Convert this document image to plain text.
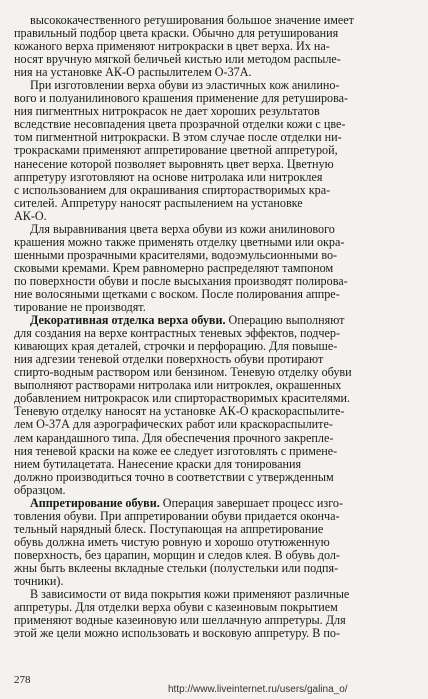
высококачественного ретуширования большое значение имеет
правильный подбор цвета краски. Обычно для ретуширования
кожаного верха применяют нитрокраски в цвет верха. Их на-
носят вручную мягкой беличьей кистью или методом распыле-
ния на установке АК-О распылителем О-37А.
При изготовлении верха обуви из эластичных кож анилино-
вого и полуанилинового крашения применение для ретуширова-
ния пигментных нитрокрасок не дает хороших результатов
вследствие несовпадения цвета прозрачной отделки кожи с цве-
том пигментной нитрокраски. В этом случае после отделки ни-
трокрасками применяют аппретирование цветной аппретурой,
нанесение которой позволяет выровнять цвет верха. Цветную
аппретуру изготовляют на основе нитролака или нитроклея
с использованием для окрашивания спирторастворимых кра-
сителей. Аппретуру наносят распылением на установке
АК-О.
Для выравнивания цвета верха обуви из кожи анилинового
крашения можно также применять отделку цветными или окра-
шенными прозрачными красителями, водоэмульсионными во-
сковыми кремами. Крем равномерно распределяют тампоном
по поверхности обуви и после высыхания производят полирова-
ние волосяными щетками с воском. После полирования аппре-
тирование не производят.
Декоративная отделка верха обуви. Операцию выполняют
для создания на верхе контрастных теневых эффектов, подчер-
кивающих края деталей, строчки и перфорацию. Для повыше-
ния адгезии теневой отделки поверхность обуви протирают
спирто-водным раствором или бензином. Теневую отделку обуви
выполняют растворами нитролака или нитроклея, окрашенных
добавлением нитрокрасок или спирторастворимых красителями.
Теневую отделку наносят на установке АК-О краскораспылите-
лем О-37А для аэрографических работ или краскораспылите-
лем карандашного типа. Для обеспечения прочного закрепле-
ния теневой краски на коже ее следует изготовлять с примене-
нием бутилацетата. Нанесение краски для тонирования
должно производиться точно в соответствии с утвержденным
образцом.
Аппретирование обуви. Операция завершает процесс изго-
товления обуви. При аппретировании обуви придается оконча-
тельный нарядный блеск. Поступающая на аппретирование
обувь должна иметь чистую ровную и хорошо отутюженную
поверхность, без царапин, морщин и следов клея. В обувь дол-
жны быть вклеены вкладные стельки (полустельки или подпя-
точники).
В зависимости от вида покрытия кожи применяют различные
аппретуры. Для отделки верха обуви с казеиновым покрытием
применяют водные казеиновую или шеллачную аппретуры. Для
этой же цели можно использовать и восковую аппретуру. В по-
278
http://www.liveinternet.ru/users/galina_o/
